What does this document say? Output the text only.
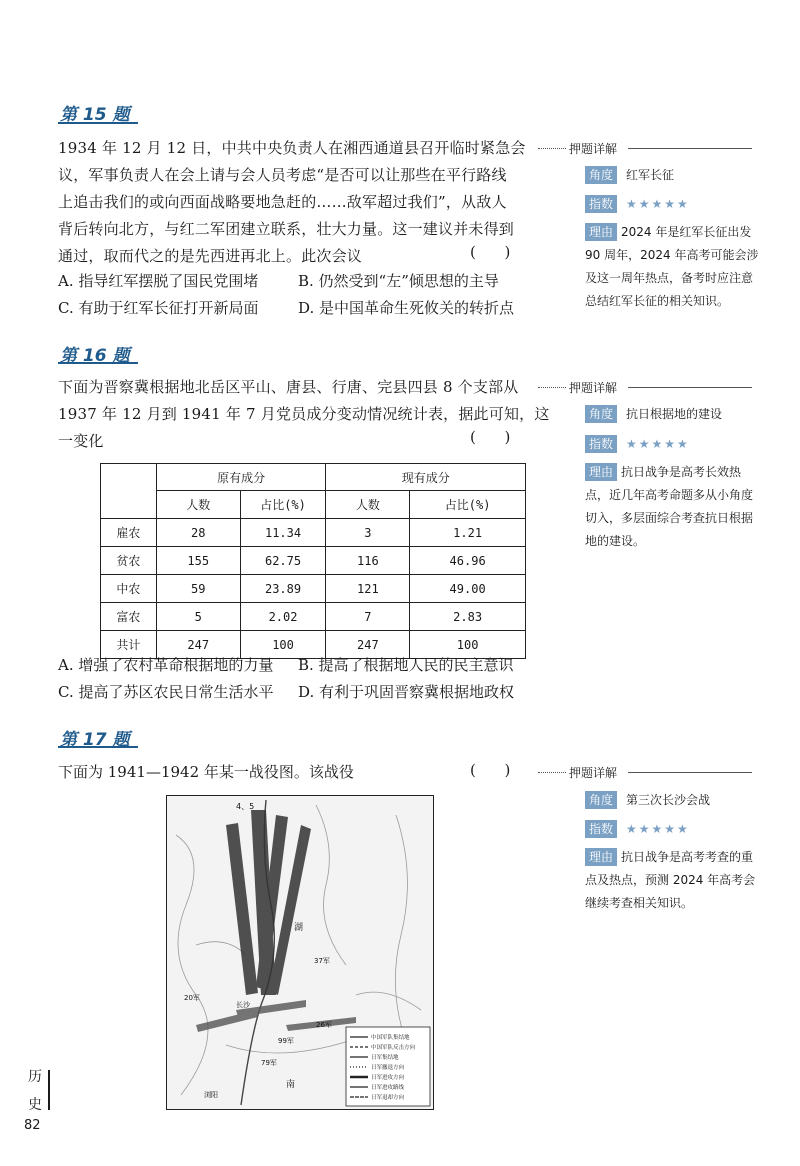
第 15 题
1934 年 12 月 12 日，中共中央负责人在湘西通道县召开临时紧急会
议，军事负责人在会上请与会人员考虑“是否可以让那些在平行路线
上追击我们的或向西面战略要地急赶的……敌军超过我们”，从敌人
背后转向北方，与红二军团建立联系，壮大力量。这一建议并未得到
通过，取而代之的是先西进再北上。此次会议	(      )
A. 指导红军摆脱了国民党围堵	B. 仍然受到“左”倾思想的主导
C. 有助于红军长征打开新局面	D. 是中国革命生死攸关的转折点
押题详解
角度	红军长征
指数	★★★★★
理由 2024 年是红军长征出发 90 周年，2024 年高考可能会涉及这一周年热点，备考时应注意总结红军长征的相关知识。
第 16 题
下面为晋察冀根据地北岳区平山、唐县、行唐、完县四县 8 个支部从
1937 年 12 月到 1941 年 7 月党员成分变动情况统计表，据此可知，这
一变化	(      )
	原有成分		现有成分	
	人数	占比(%)	人数	占比(%)
雇农	28	11.34	3	1.21
贫农	155	62.75	116	46.96
中农	59	23.89	121	49.00
富农	5	2.02	7	2.83
共计	247	100	247	100
A. 增强了农村革命根据地的力量 B. 提高了根据地人民的民主意识
C. 提高了苏区农民日常生活水平 D. 有利于巩固晋察冀根据地政权
押题详解
角度	抗日根据地的建设
指数	★★★★★
理由 抗日战争是高考长效热点，近几年高考命题多从小角度切入，多层面综合考查抗日根据地的建设。
第 17 题
下面为 1941—1942 年某一战役图。该战役	(      )
4、5
湖
37军
长沙
南
浏阳
20军
26军
79军
99军	中国军队集结地
中国军队反击方向
日军集结地
日军撤退方向
日军进攻方向
日军进攻路线
日军退却方向
押题详解
角度	第三次长沙会战
指数	★★★★★
理由 抗日战争是高考考查的重点及热点，预测 2024 年高考会继续考查相关知识。
历
史
82
